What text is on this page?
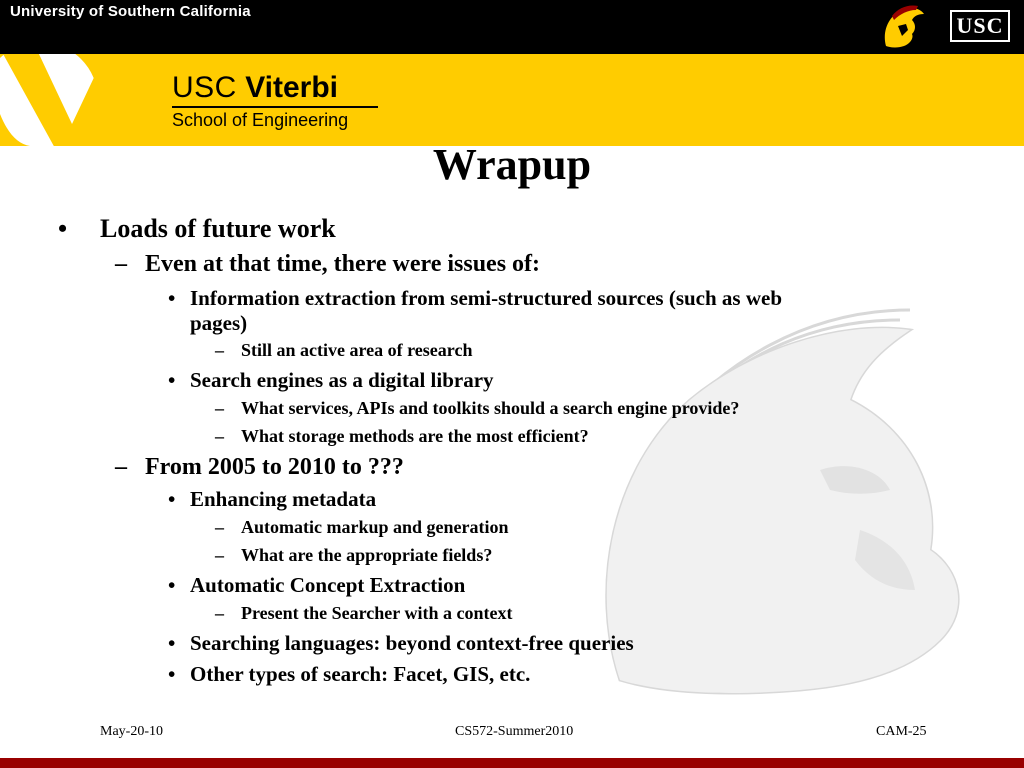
University of Southern California
USC
USC Viterbi
School of Engineering
Wrapup
• Loads of future work
– Even at that time, there were issues of:
• Information extraction from semi-structured sources (such as web
pages)
– Still an active area of research
• Search engines as a digital library
– What services, APIs and toolkits should a search engine provide?
– What storage methods are the most efficient?
– From 2005 to 2010 to ???
• Enhancing metadata
– Automatic markup and generation
– What are the appropriate fields?
• Automatic Concept Extraction
– Present the Searcher with a context
• Searching languages: beyond context-free queries
• Other types of search: Facet, GIS, etc.
May-20-10	CS572-Summer2010	CAM-25
